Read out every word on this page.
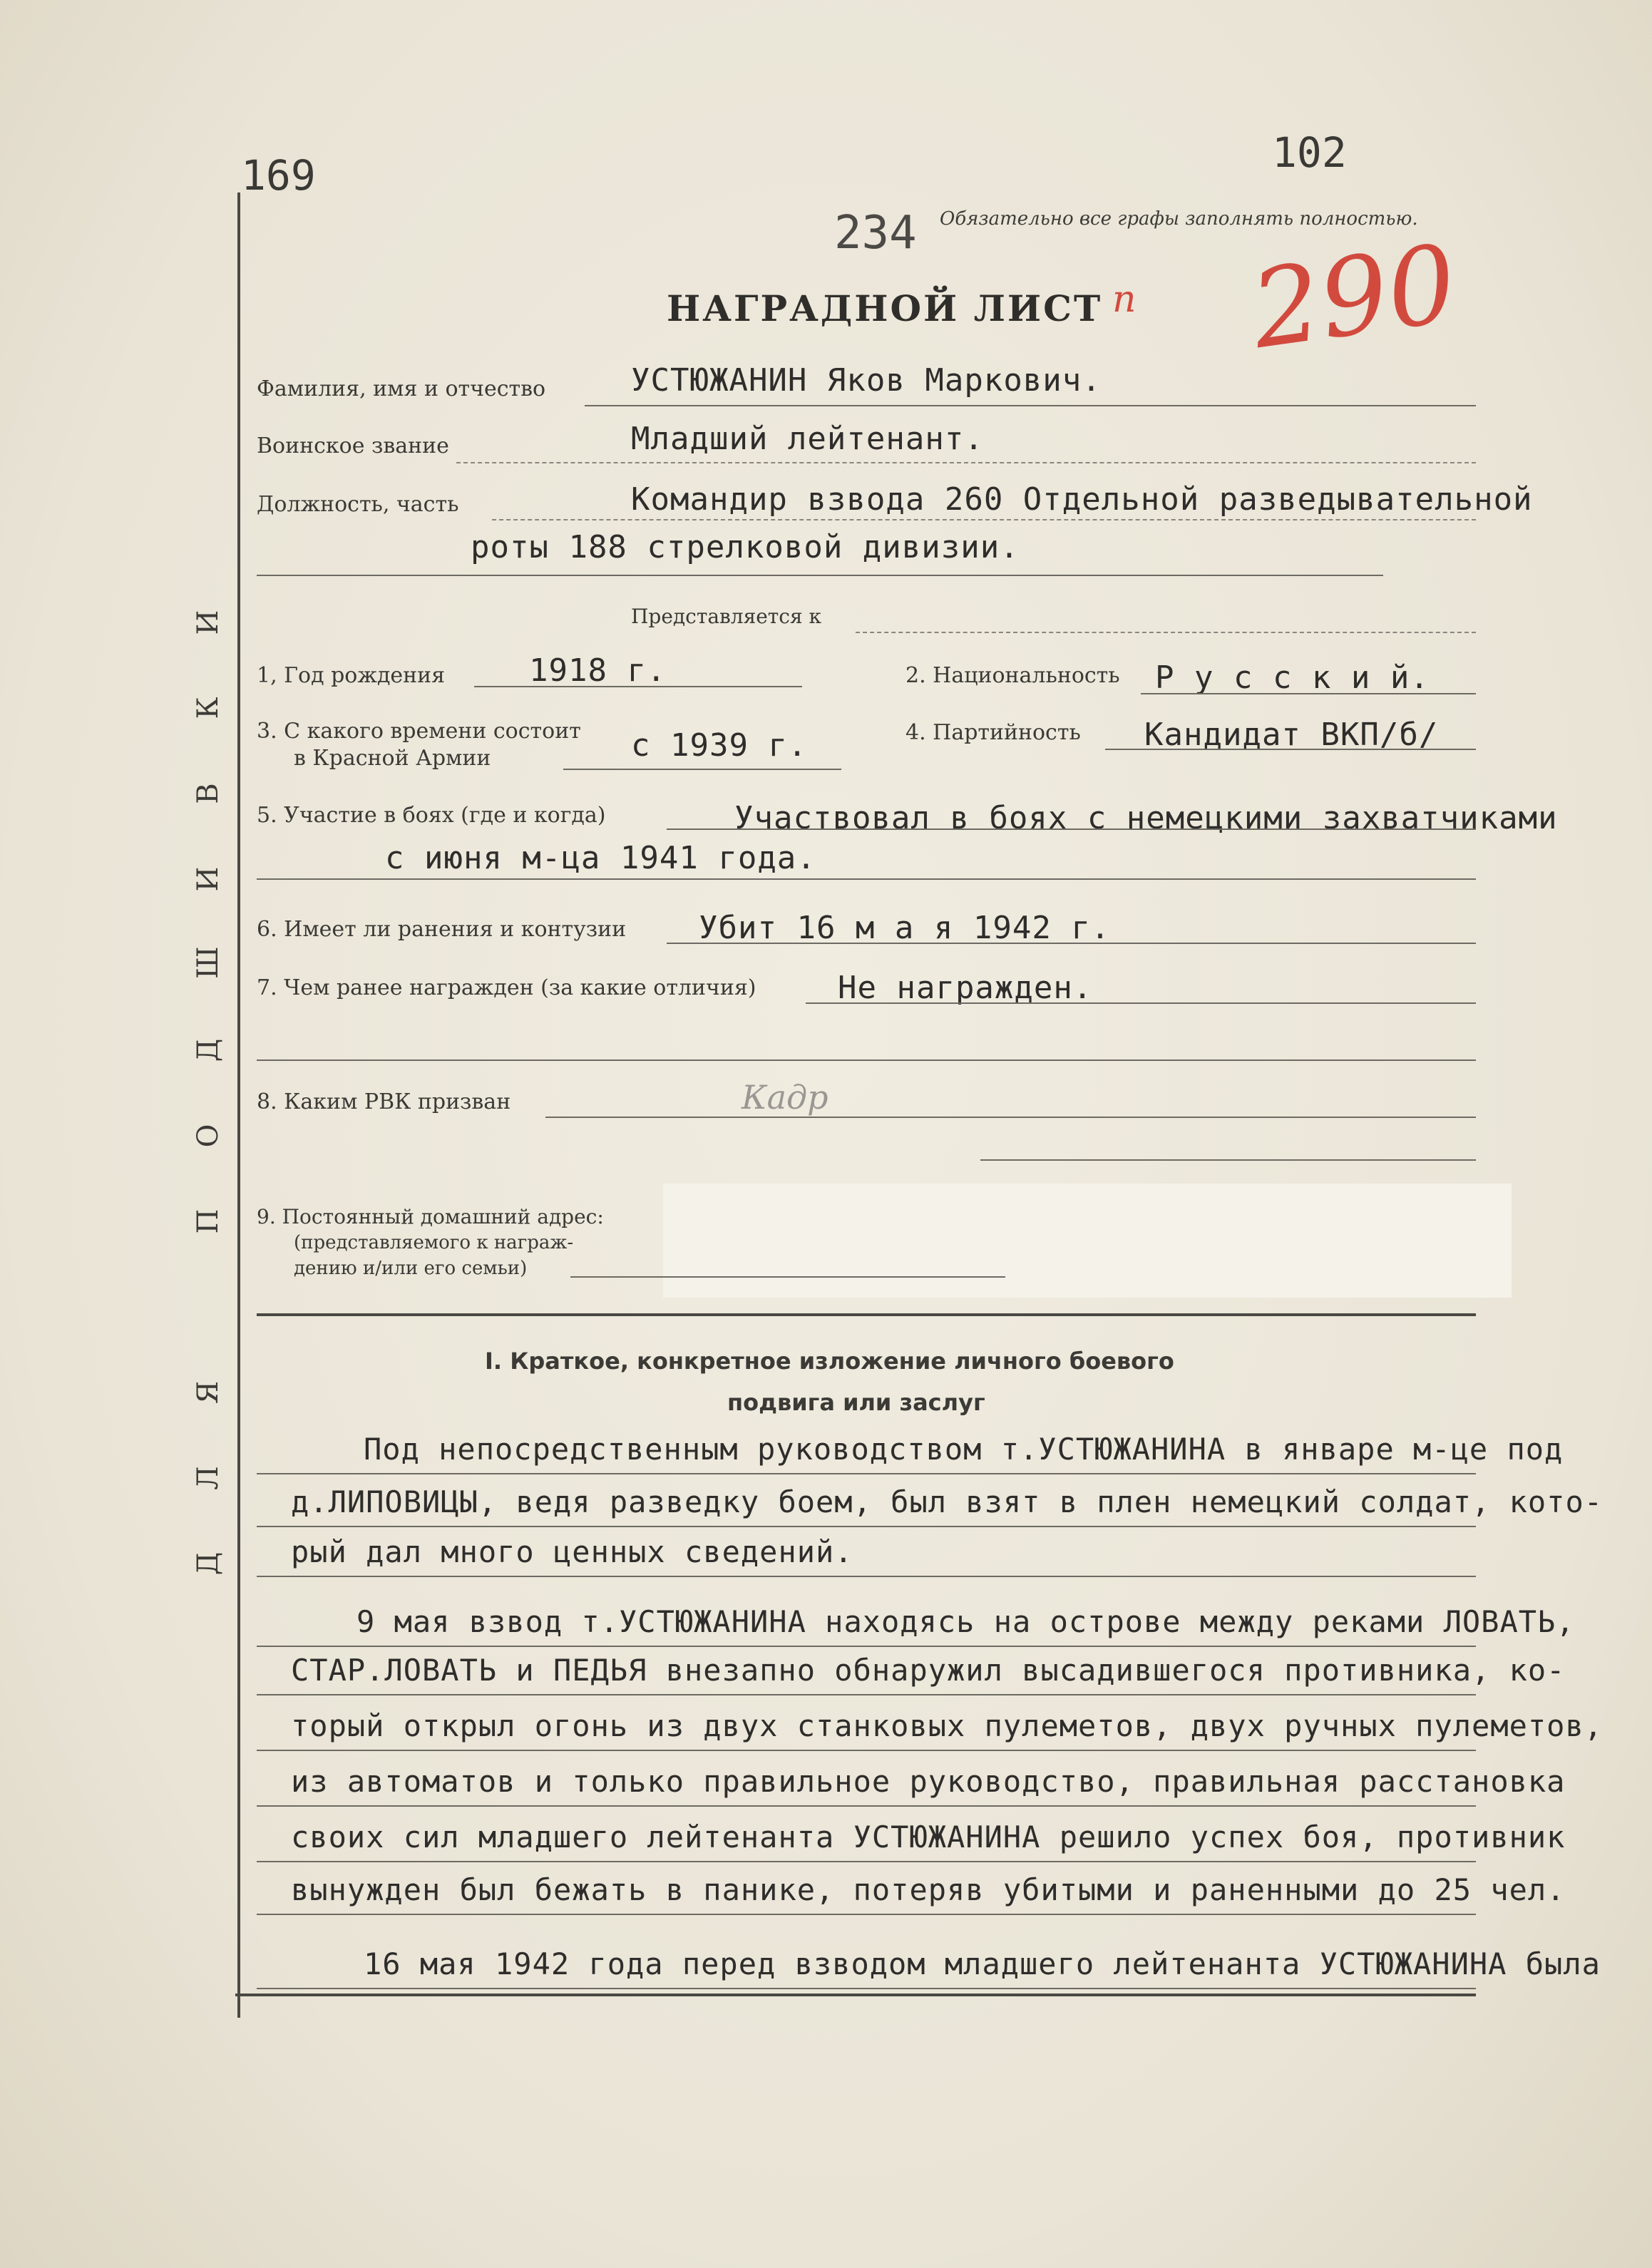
Д
Л
Я
П
О
Д
Ш
И
В
К
И
169	102
234 Обязательно все графы заполнять полностью.
290
п
НАГРАДНОЙ ЛИСТ
Фамилия, имя и отчество	УСТЮЖАНИН Яков Маркович.
Воинское звание	Младший лейтенант.
Должность, часть	Командир взвода 260 Отдельной разведывательной
роты 188 стрелковой дивизии.
Представляется к
1, Год рождения	1918 г.	2. Национальность Р у с с к и й.
3. С какого времени состоит
в Красной Армии	с 1939 г.	4. Партийность Кандидат ВКП/б/
5. Участие в боях (где и когда)	Участвовал в боях с немецкими захватчиками
с июня м-ца 1941 года.
6. Имеет ли ранения и контузии Убит 16 м а я 1942 г.
7. Чем ранее награжден (за какие отличия)	Не награжден.
8. Каким РВК призван	Кадр
9. Постоянный домашний адрес:
(представляемого к награж-
дению и/или его семьи)
I. Краткое, конкретное изложение личного боевого
подвига или заслуг
Под непосредственным руководством т.УСТЮЖАНИНА в январе м-це под
д.ЛИПОВИЦЫ, ведя разведку боем, был взят в плен немецкий солдат, кото-
рый дал много ценных сведений.
9 мая взвод т.УСТЮЖАНИНА находясь на острове между реками ЛОВАТЬ,
СТАР.ЛОВАТЬ и ПЕДЬЯ внезапно обнаружил высадившегося противника, ко-
торый открыл огонь из двух станковых пулеметов, двух ручных пулеметов,
из автоматов и только правильное руководство, правильная расстановка
своих сил младшего лейтенанта УСТЮЖАНИНА решило успех боя, противник
вынужден был бежать в панике, потеряв убитыми и раненными до 25 чел.
16 мая 1942 года перед взводом младшего лейтенанта УСТЮЖАНИНА была
